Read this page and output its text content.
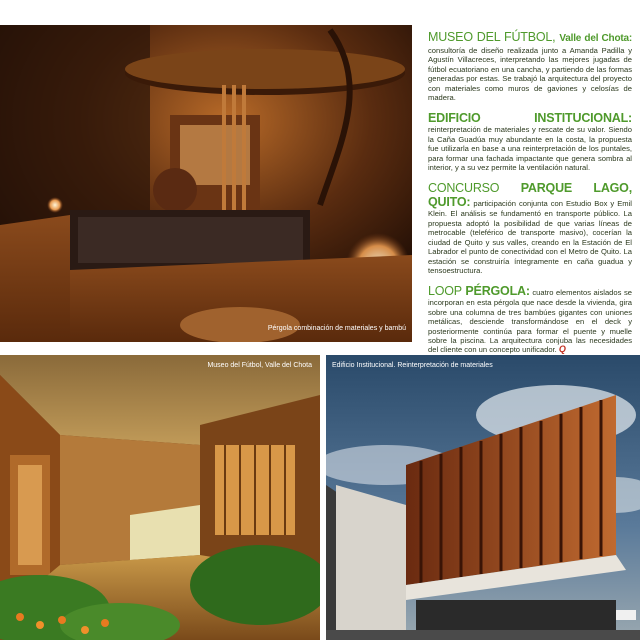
Pérgola combinación de materiales y bambú
Museo del Fútbol, Valle del Chota	Edificio Institucional. Reinterpretación de materiales

MUSEO DEL FÚTBOL, Valle del Chota: consultoría de diseño realizada junto a Amanda Padilla y Agustín Villacreces, interpretando las mejores jugadas de fútbol ecuatoriano en una cancha, y partiendo de las formas generadas por estas. Se trabajó la arquitectura del proyecto con materiales como muros de gaviones y celosías de madera.

EDIFICIO INSTITUCIONAL: reinterpretación de materiales y rescate de su valor. Siendo la Caña Guadúa muy abundante en la costa, la propuesta fue utilizarla en base a una reinterpretación de los puntales, para formar una fachada impactante que genera sombra al interior, y a su vez permite la ventilación natural.

CONCURSO PARQUE LAGO, QUITO: participación conjunta con Estudio Box y Emil Klein. El análisis se fundamentó en transporte público. La propuesta adoptó la posibilidad de que varias líneas de metrocable (teleférico de transporte masivo), cocerían la ciudad de Quito y sus valles, creando en la Estación de El Labrador el punto de conectividad con el Metro de Quito. La estación se construiría íntegramente en caña guadua y tensoestructura.

LOOP PÉRGOLA: cuatro elementos aislados se incorporan en esta pérgola que nace desde la vivienda, gira sobre una columna de tres bambúes gigantes con uniones metálicas, desciende transformándose en el deck y posteriormente continúa para formar el puente y muelle sobre la piscina. La arquitectura conjuba las necesidades del cliente con un concepto unificador. Q
